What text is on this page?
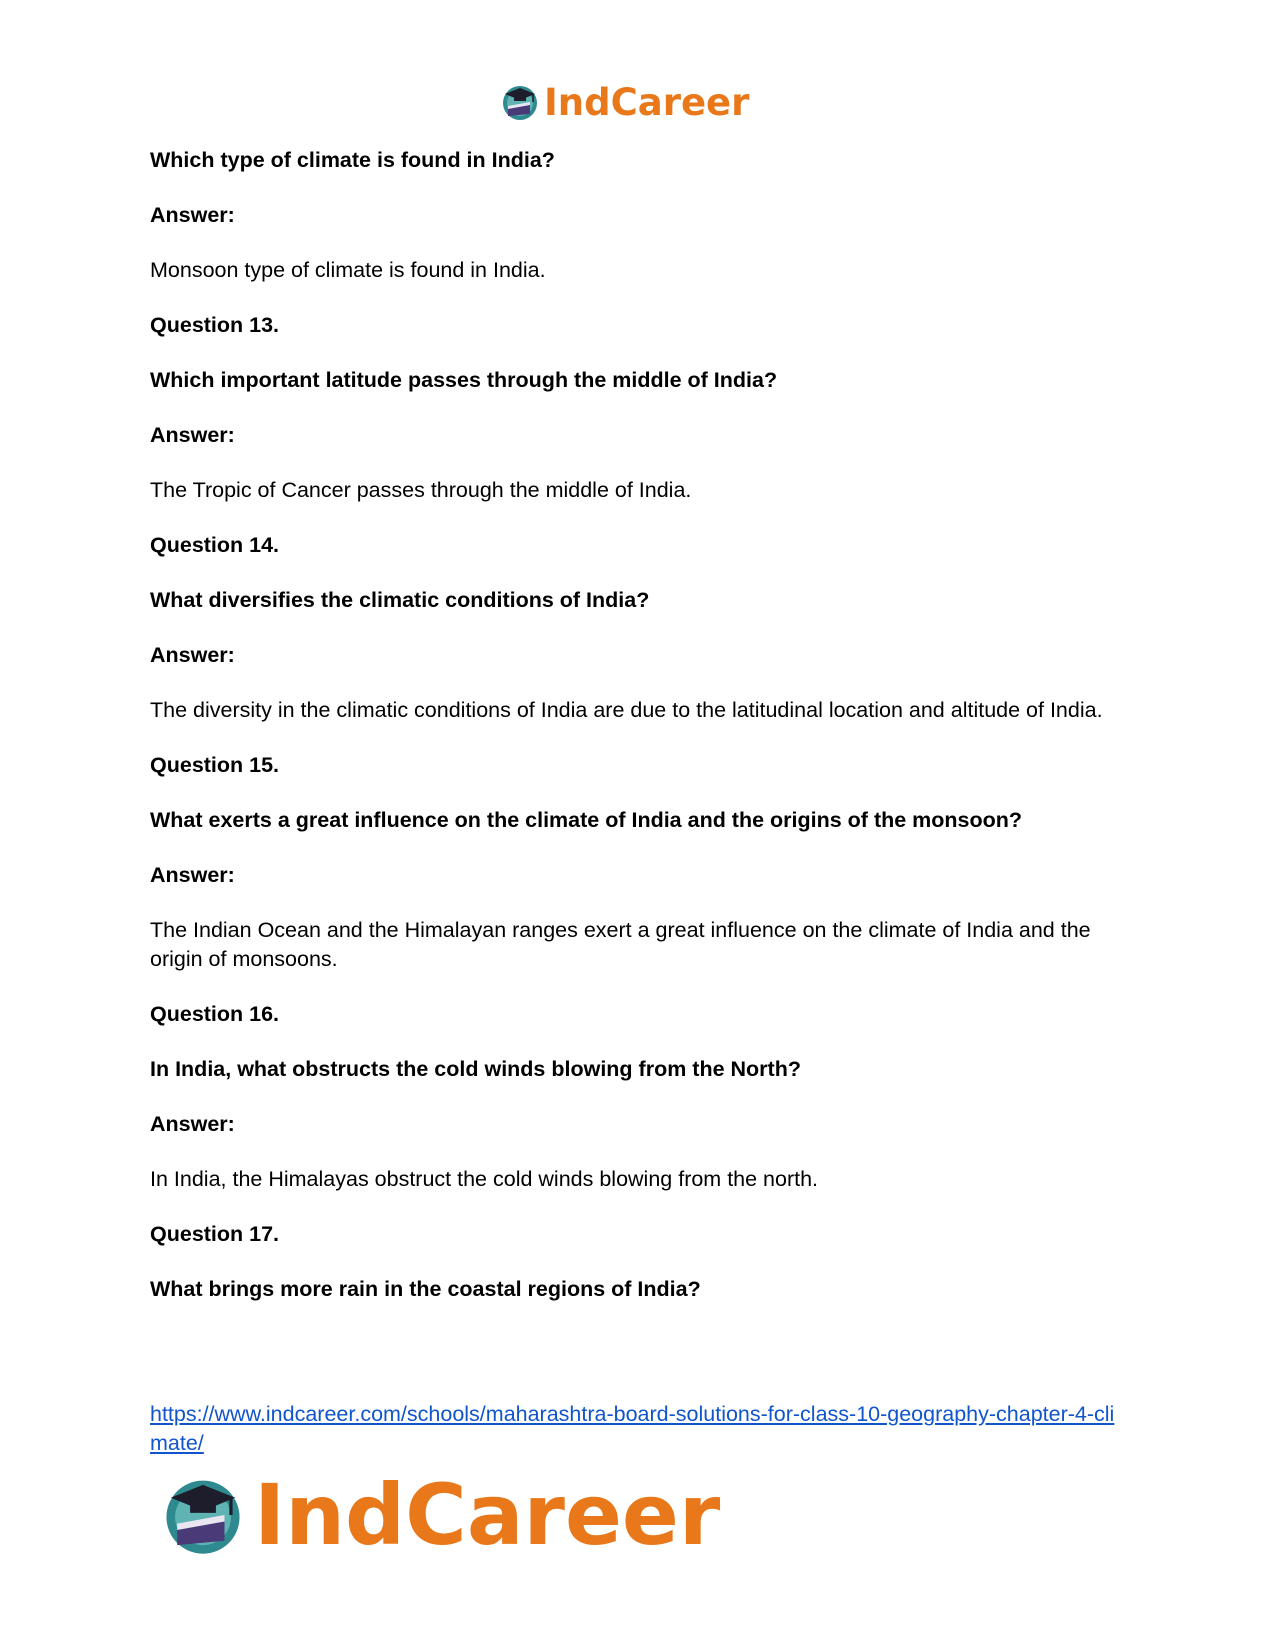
IndCareer

Which type of climate is found in India?

Answer:

Monsoon type of climate is found in India.

Question 13.

Which important latitude passes through the middle of India?

Answer:

The Tropic of Cancer passes through the middle of India.

Question 14.

What diversifies the climatic conditions of India?

Answer:

The diversity in the climatic conditions of India are due to the latitudinal location and altitude of India.

Question 15.

What exerts a great influence on the climate of India and the origins of the monsoon?

Answer:

The Indian Ocean and the Himalayan ranges exert a great influence on the climate of India and the origin of monsoons.

Question 16.

In India, what obstructs the cold winds blowing from the North?

Answer:

In India, the Himalayas obstruct the cold winds blowing from the north.

Question 17.

What brings more rain in the coastal regions of India?

https://www.indcareer.com/schools/maharashtra-board-solutions-for-class-10-geography-chapter-4-climate/
IndCareer
